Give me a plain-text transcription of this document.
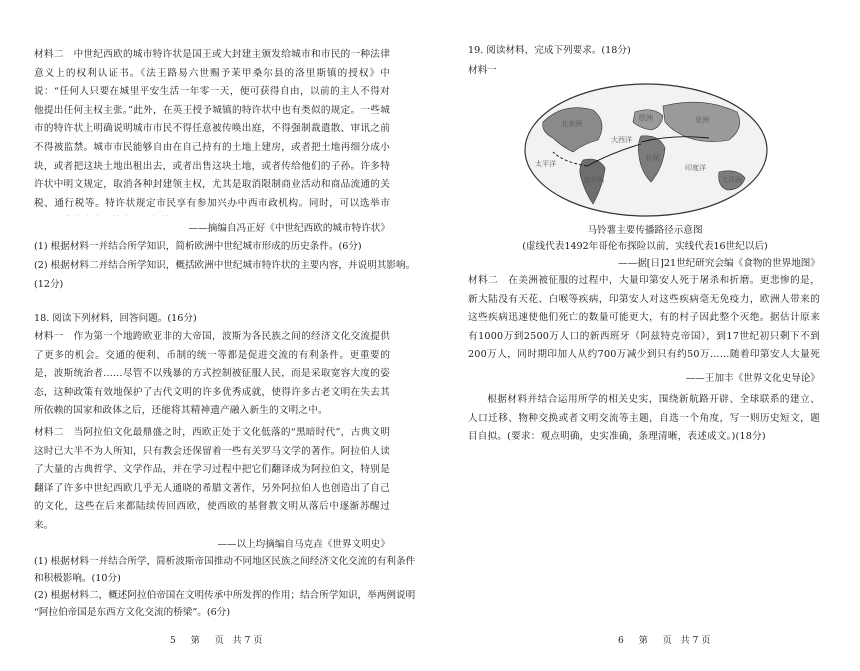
材料二　中世纪西欧的城市特许状是国王或大封建主颁发给城市和市民的一种法律意义上的权利认证书。《法王路易六世赐予茉甲桑尔县的洛里斯镇的授权》中说：“任何人只要在城里平安生活一年零一天，便可获得自由，以前的主人不得对他提出任何主权主张。”此外，在英王授予城镇的特许状中也有类似的规定。一些城市的特许状上明确说明城市市民不得任意被传唤出庭，不得强制裁遣散、审讯之前不得被监禁。城市市民能够自由在自己持有的土地上建房，或者把土地再细分成小块，或者把这块土地出租出去，或者出售这块土地，或者传给他们的子孙。许多特许状中明文规定，取消各种封建领主权，尤其是取消限制商业活动和商品流通的关税、通行税等。特许状规定市民享有参加兴办中西市政机构。同时，可以选举市

——摘编自冯正好《中世纪西欧的城市特许状》

(1) 根据材料一并结合所学知识，简析欧洲中世纪城市形成的历史条件。(6分)

(2) 根据材料二并结合所学知识，概括欧洲中世纪城市特许状的主要内容，并说明其影响。

(12分)

18. 阅读下列材料，回答问题。(16分)

材料一　作为第一个地跨欧亚非的大帝国，波斯为各民族之间的经济文化交流提供了更多的机会。交通的便利、币制的统一等都是促进交流的有利条件。更重要的是，波斯统治者……尽管不以残暴的方式控制被征服人民，而是采取宽容大度的姿态，这种政策有效地保护了古代文明的许多优秀成就，使得许多古老文明在失去其所依赖的国家和政体之后，还能将其精神遗产融入新生的文明之中。

材料二　当阿拉伯文化最鼎盛之时，西欧正处于文化低落的“黑暗时代”，古典文明这时已大半不为人所知，只有教会还保留着一些有关罗马文学的著作。阿拉伯人读了大量的古典哲学、文学作品，并在学习过程中把它们翻译成为阿拉伯文，特别是翻译了许多中世纪西欧几乎无人通晓的希腊文著作，另外阿拉伯人也创造出了自己的文化，这些在后来都陆续传回西欧，使西欧的基督教文明从落后中逐渐苏醒过来。

——以上均摘编自马克垚《世界文明史》

(1) 根据材料一并结合所学，简析波斯帝国推动不同地区民族之间经济文化交流的有利条件

和积极影响。(10分)

(2) 根据材料二，概述阿拉伯帝国在文明传承中所发挥的作用；结合所学知识，举两例说明

“阿拉伯帝国是东西方文化交流的桥梁”。(6分)

5　第　页 共7页

19. 阅读材料，完成下列要求。(18分)

材料一

北美洲
大西洋
太平洋
亚洲
欧洲
非洲
印度洋
大洋洲
南美洲

马铃薯主要传播路径示意图

(虚线代表1492年哥伦布探险以前，实线代表16世纪以后)

——据[日]21世纪研究会编《食物的世界地图》

材料二　在美洲被征服的过程中，大量印第安人死于屠杀和折磨。更悲惨的是，新大陆没有天花、白喉等疾病，印第安人对这些疾病毫无免疫力，欧洲人带来的这些疾病迅速使他们死亡的数量可能更大，有的村子因此整个灭绝。据估计原来有1000万到2500万人口的新西班牙（阿兹特克帝国），到17世纪初只剩下不到200万人，同时期印加人从约700万减少到只有约50万……随着印第安人大量死

——王加丰《世界文化史导论》

根据材料并结合运用所学的相关史实，围绕新航路开辟、全球联系的建立、人口迁移、物种交换或者文明交流等主题，自选一个角度，写一则历史短文，题目自拟。(要求：观点明确，史实准确，条理清晰，表述成文。)(18分)

6　第　页 共7页
